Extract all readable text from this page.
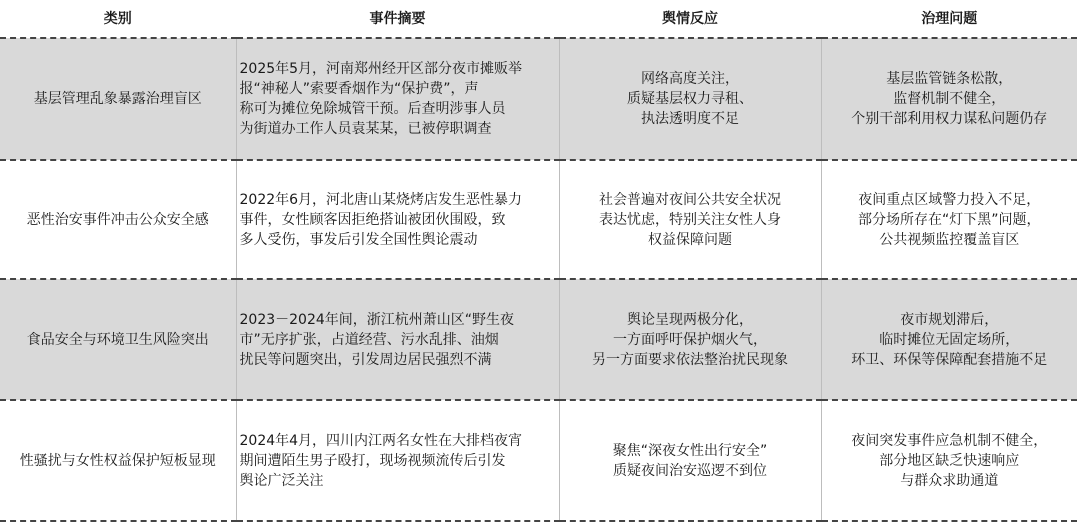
类别	事件摘要	舆情反应	治理问题
基层管理乱象暴露治理盲区	2025年5月，河南郑州经开区部分夜市摊贩举
报“神秘人”索要香烟作为“保护费”，声
称可为摊位免除城管干预。后查明涉事人员
为街道办工作人员袁某某，已被停职调查	网络高度关注，
质疑基层权力寻租、
执法透明度不足	基层监管链条松散，
监督机制不健全，
个别干部利用权力谋私问题仍存

恶性治安事件冲击公众安全感	2022年6月，河北唐山某烧烤店发生恶性暴力
事件，女性顾客因拒绝搭讪被团伙围殴，致
多人受伤，事发后引发全国性舆论震动	社会普遍对夜间公共安全状况
表达忧虑，特别关注女性人身
权益保障问题	夜间重点区域警力投入不足，
部分场所存在“灯下黑”问题，
公共视频监控覆盖盲区

食品安全与环境卫生风险突出	2023－2024年间，浙江杭州萧山区“野生夜
市”无序扩张，占道经营、污水乱排、油烟
扰民等问题突出，引发周边居民强烈不满	舆论呈现两极分化，
一方面呼吁保护烟火气，
另一方面要求依法整治扰民现象	夜市规划滞后，
临时摊位无固定场所，
环卫、环保等保障配套措施不足

性骚扰与女性权益保护短板显现	2024年4月，四川内江两名女性在大排档夜宵
期间遭陌生男子殴打，现场视频流传后引发
舆论广泛关注	聚焦“深夜女性出行安全”
质疑夜间治安巡逻不到位	夜间突发事件应急机制不健全，
部分地区缺乏快速响应
与群众求助通道
